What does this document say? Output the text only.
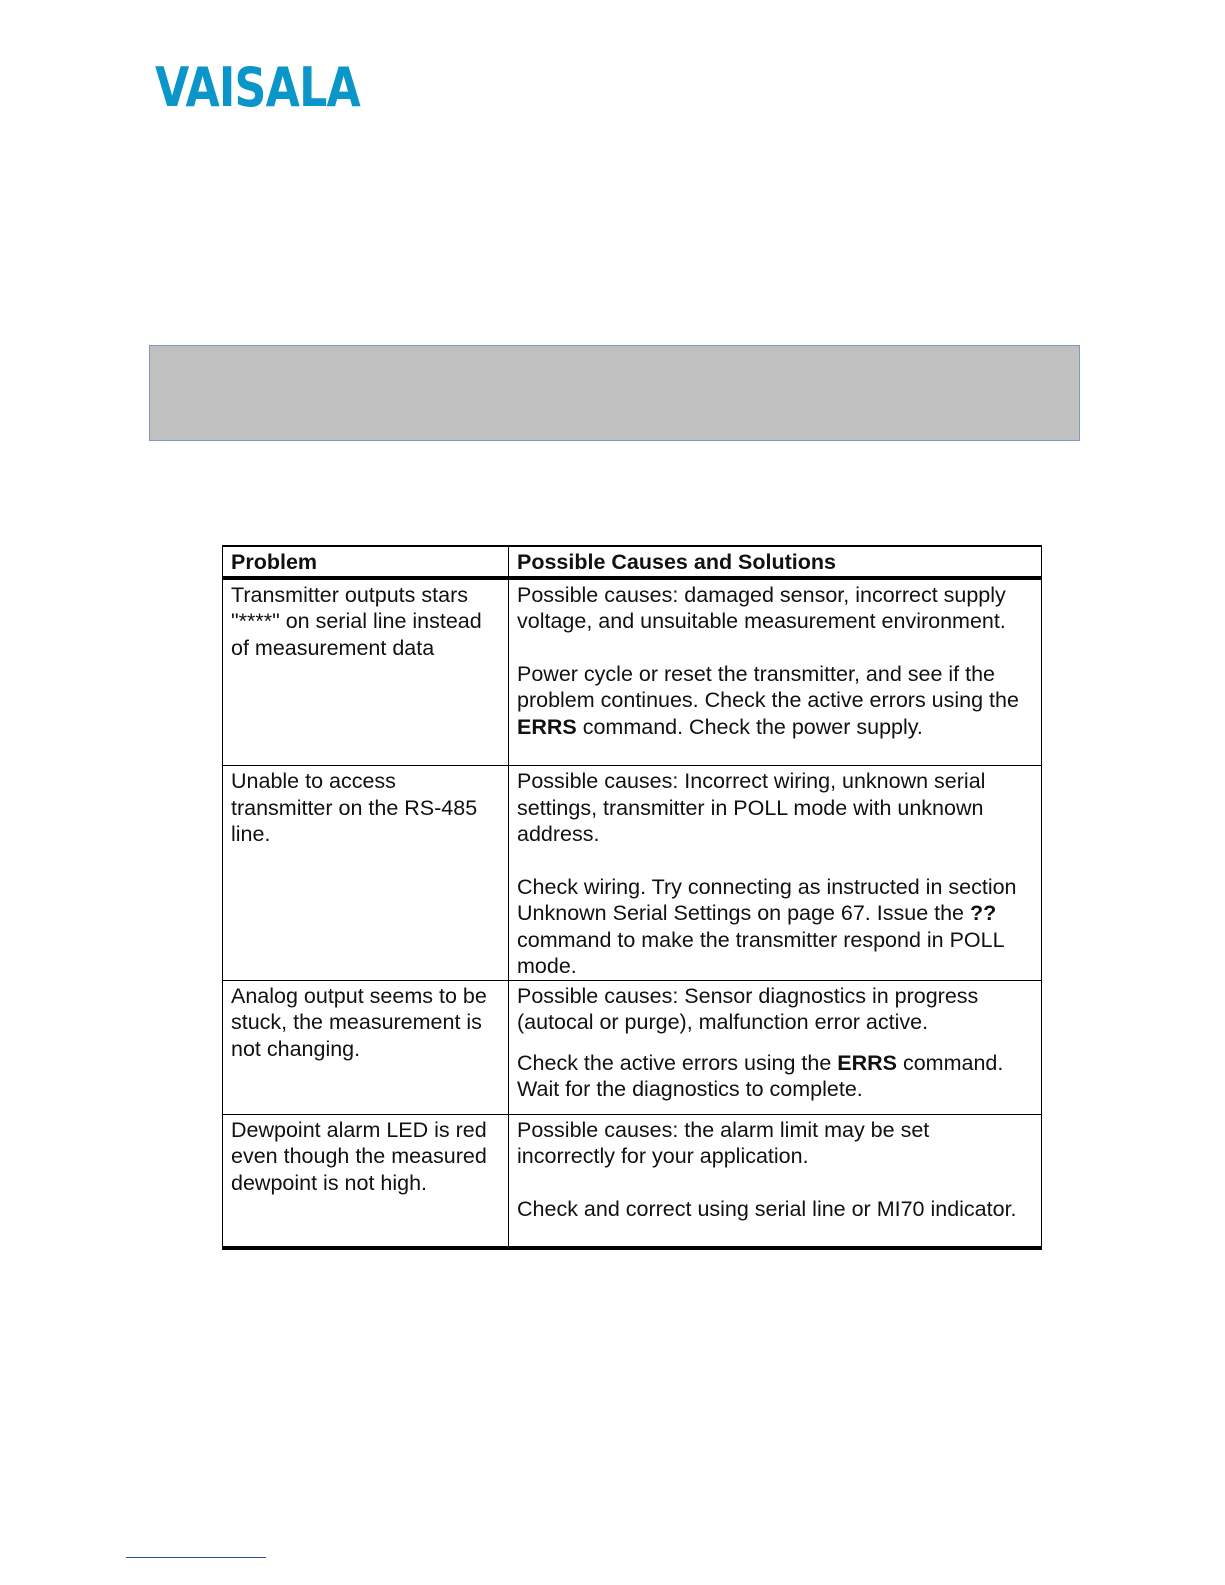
VAISALA
Problem	Possible Causes and Solutions
Transmitter outputs stars "****" on serial line instead of measurement data	Possible causes: damaged sensor, incorrect supply voltage, and unsuitable measurement environment.
Power cycle or reset the transmitter, and see if the problem continues. Check the active errors using the ERRS command. Check the power supply.

Unable to access transmitter on the RS-485 line.	Possible causes: Incorrect wiring, unknown serial settings, transmitter in POLL mode with unknown address.
Check wiring. Try connecting as instructed in section Unknown Serial Settings on page 67. Issue the ?? command to make the transmitter respond in POLL mode.

Analog output seems to be stuck, the measurement is not changing.	Possible causes: Sensor diagnostics in progress (autocal or purge), malfunction error active.
Check the active errors using the ERRS command. Wait for the diagnostics to complete.

Dewpoint alarm LED is red even though the measured dewpoint is not high.	Possible causes: the alarm limit may be set incorrectly for your application.
Check and correct using serial line or MI70 indicator.
